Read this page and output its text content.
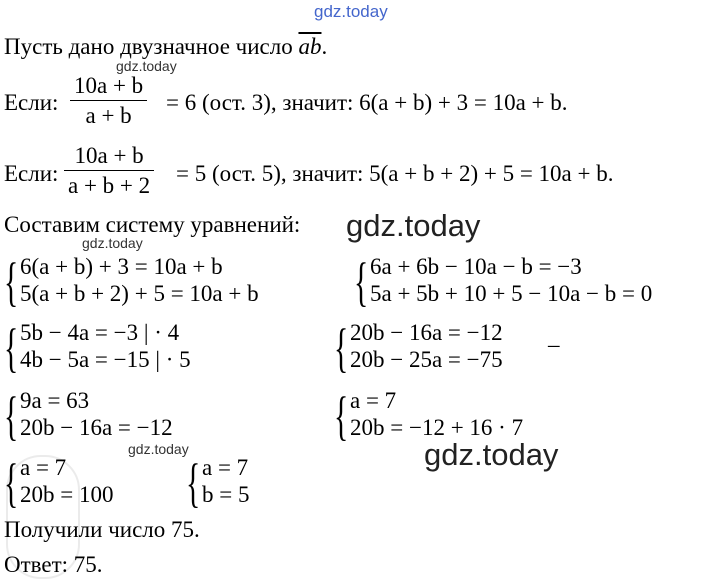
gdz.today
Пусть дано двузначное число $\overline{ab}$.
gdz.today
Если:
10a + b
a + b
= 6 (ост. 3), значит: 6(a + b) + 3 = 10a + b.
Если:
10a + b
a + b + 2 = 5 (ост. 5), значит: 5(a + b + 2) + 5 = 10a + b.
Составим систему уравнений: gdz.today
gdz.today
{ 6(a + b) + 3 = 10a + b
5(a + b + 2) + 5 = 10a + b { 6a + 6b − 10a − b = −3
5a + 5b + 10 + 5 − 10a − b = 0
{ 5b − 4a = −3 | · 4
4b − 5a = −15 | · 5	{ 20b − 16a = −12
20b − 25a = −75
–
{ 9a = 63
20b − 16a = −12	{ a = 7
20b = −12 + 16 · 7
gdz.today	gdz.today
{ a = 7
20b = 100 { a = 7
b = 5
Получили число 75.
Ответ: 75.
